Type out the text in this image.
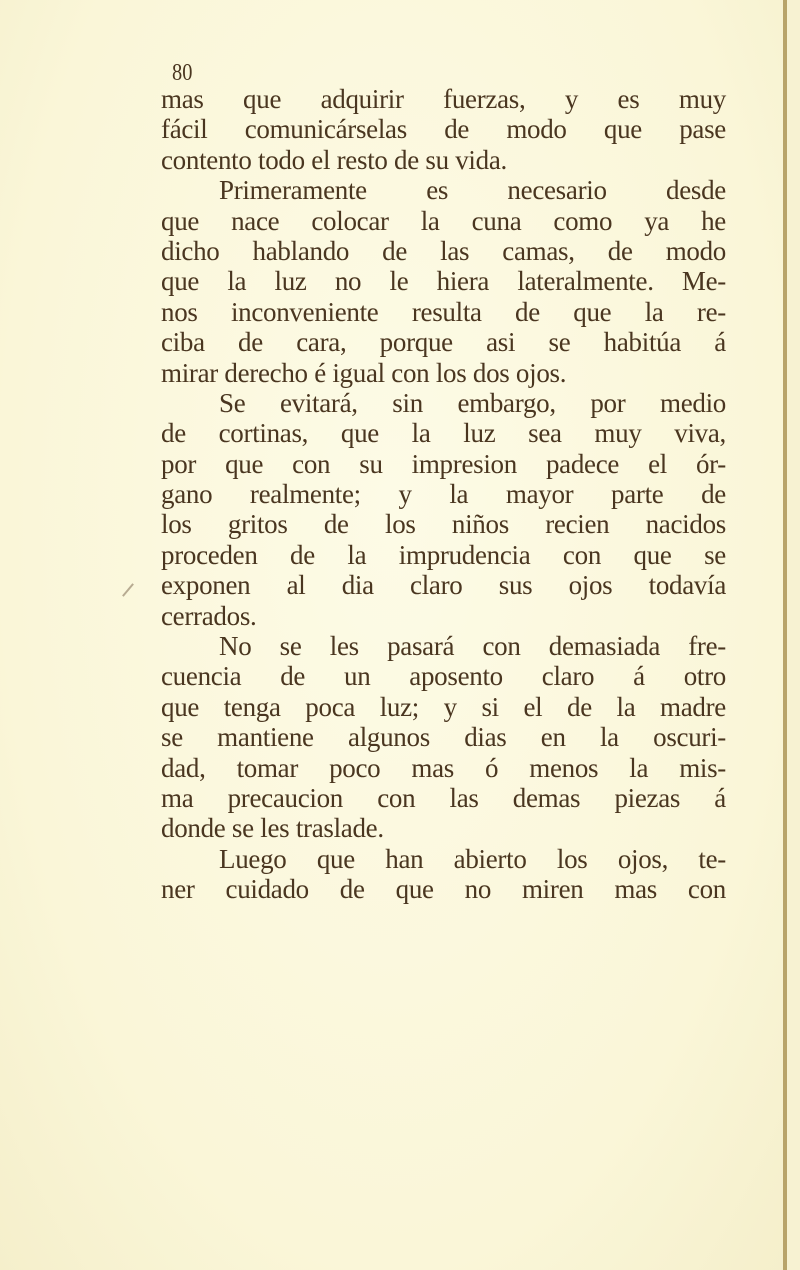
80
mas que adquirir fuerzas, y es muy
fácil comunicárselas de modo que pase
contento todo el resto de su vida.
Primeramente es necesario desde
que nace colocar la cuna como ya he
dicho hablando de las camas, de modo
que la luz no le hiera lateralmente. Me-
nos inconveniente resulta de que la re-
ciba de cara, porque asi se habitúa á
mirar derecho é igual con los dos ojos.
Se evitará, sin embargo, por medio
de cortinas, que la luz sea muy viva,
por que con su impresion padece el ór-
gano realmente; y la mayor parte de
los gritos de los niños recien nacidos
proceden de la imprudencia con que se
exponen al dia claro sus ojos todavía
cerrados.
No se les pasará con demasiada fre-
cuencia de un aposento claro á otro
que tenga poca luz; y si el de la madre
se mantiene algunos dias en la oscuri-
dad, tomar poco mas ó menos la mis-
ma precaucion con las demas piezas á
donde se les traslade.
Luego que han abierto los ojos, te-
ner cuidado de que no miren mas con
